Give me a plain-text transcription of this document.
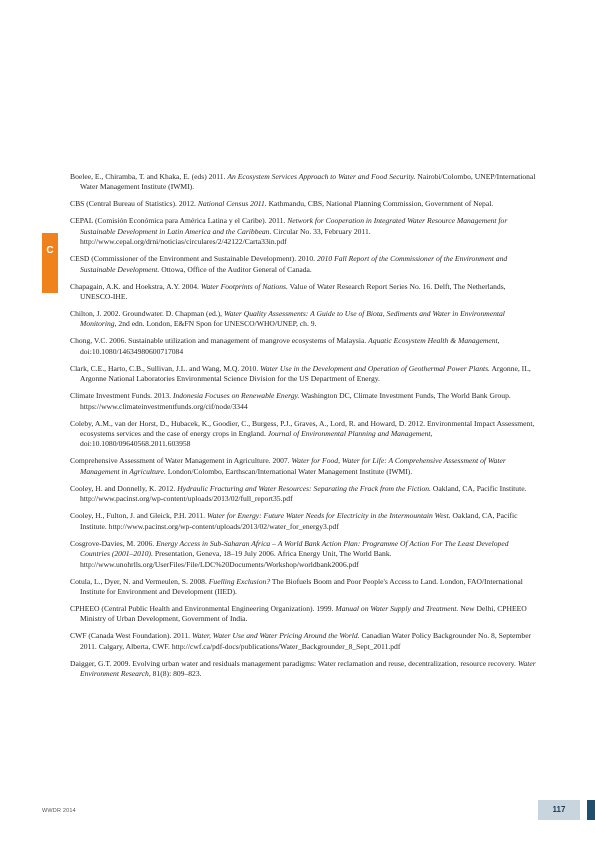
C

Boelee, E., Chiramba, T. and Khaka, E. (eds) 2011. An Ecosystem Services Approach to Water and Food Security. Nairobi/Colombo, UNEP/International Water Management Institute (IWMI).

CBS (Central Bureau of Statistics). 2012. National Census 2011. Kathmandu, CBS, National Planning Commission, Government of Nepal.

CEPAL (Comisión Económica para América Latina y el Caribe). 2011. Network for Cooperation in Integrated Water Resource Management for Sustainable Development in Latin America and the Caribbean. Circular No. 33, February 2011. http://www.cepal.org/drni/noticias/circulares/2/42122/Carta33in.pdf

CESD (Commissioner of the Environment and Sustainable Development). 2010. 2010 Fall Report of the Commissioner of the Environment and Sustainable Development. Ottowa, Office of the Auditor General of Canada.

Chapagain, A.K. and Hoekstra, A.Y. 2004. Water Footprints of Nations. Value of Water Research Report Series No. 16. Delft, The Netherlands, UNESCO-IHE.

Chilton, J. 2002. Groundwater. D. Chapman (ed.), Water Quality Assessments: A Guide to Use of Biota, Sediments and Water in Environmental Monitoring, 2nd edn. London, E&FN Spon for UNESCO/WHO/UNEP, ch. 9.

Chong, V.C. 2006. Sustainable utilization and management of mangrove ecosystems of Malaysia. Aquatic Ecosystem Health & Management, doi:10.1080/14634980600717084

Clark, C.E., Harto, C.B., Sullivan, J.L. and Wang, M.Q. 2010. Water Use in the Development and Operation of Geothermal Power Plants. Argonne, IL, Argonne National Laboratories Environmental Science Division for the US Department of Energy.

Climate Investment Funds. 2013. Indonesia Focuses on Renewable Energy. Washington DC, Climate Investment Funds, The World Bank Group. https://www.climateinvestmentfunds.org/cif/node/3344

Coleby, A.M., van der Horst, D., Hubacek, K., Goodier, C., Burgess, P.J., Graves, A., Lord, R. and Howard, D. 2012. Environmental Impact Assessment, ecosystems services and the case of energy crops in England. Journal of Environmental Planning and Management, doi:10.1080/09640568.2011.603958

Comprehensive Assessment of Water Management in Agriculture. 2007. Water for Food, Water for Life: A Comprehensive Assessment of Water Management in Agriculture. London/Colombo, Earthscan/International Water Management Institute (IWMI).

Cooley, H. and Donnelly, K. 2012. Hydraulic Fracturing and Water Resources: Separating the Frack from the Fiction. Oakland, CA, Pacific Institute. http://www.pacinst.org/wp-content/uploads/2013/02/full_report35.pdf

Cooley, H., Fulton, J. and Gleick, P.H. 2011. Water for Energy: Future Water Needs for Electricity in the Intermountain West. Oakland, CA, Pacific Institute. http://www.pacinst.org/wp-content/uploads/2013/02/water_for_energy3.pdf

Cosgrove-Davies, M. 2006. Energy Access in Sub-Saharan Africa – A World Bank Action Plan: Programme Of Action For The Least Developed Countries (2001–2010). Presentation, Geneva, 18–19 July 2006. Africa Energy Unit, The World Bank. http://www.unohrlls.org/UserFiles/File/LDC%20Documents/Workshop/worldbank2006.pdf

Cotula, L., Dyer, N. and Vermeulen, S. 2008. Fuelling Exclusion? The Biofuels Boom and Poor People's Access to Land. London, FAO/International Institute for Environment and Development (IIED).

CPHEEO (Central Public Health and Environmental Engineering Organization). 1999. Manual on Water Supply and Treatment. New Delhi, CPHEEO Ministry of Urban Development, Government of India.

CWF (Canada West Foundation). 2011. Water, Water Use and Water Pricing Around the World. Canadian Water Policy Backgrounder No. 8, September 2011. Calgary, Alberta, CWF. http://cwf.ca/pdf-docs/publications/Water_Backgrounder_8_Sept_2011.pdf

Daigger, G.T. 2009. Evolving urban water and residuals management paradigms: Water reclamation and reuse, decentralization, resource recovery. Water Environment Research, 81(8): 809–823.

WWDR 2014	117
